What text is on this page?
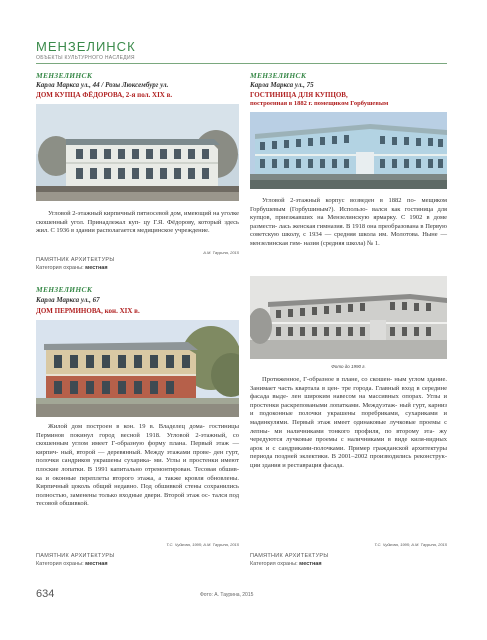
МЕНЗЕЛИНСК
ОБЪЕКТЫ КУЛЬТУРНОГО НАСЛЕДИЯ
МЕНЗЕЛИНСК
Карла Маркса ул., 44 / Розы Люксембург ул.
ДОМ КУПЦА ФЁДОРОВА, 2-я пол. XIX в.

Угловой 2-этажный кирпичный пятиосевой дом, имеющий на уголке скошенный угол. Принадлежал куп- цу Г.Я. Фёдорову, который здесь жил. С 1936 в здании располагается медицинское учреждение.

А.М. Таурина, 2015
ПАМЯТНИК АРХИТЕКТУРЫ
Категория охраны: местная
МЕНЗЕЛИНСК
Карла Маркса ул., 67
ДОМ ПЕРМИНОВА, кон. XIX в.

Жилой дом построен в кон. 19 в. Владелец дома- гостиницы Перминов покинул город весной 1918. Угловой 2-этажный, со скошенным углом имеет Г-образную форму плана. Первый этаж — кирпич- ный, второй — деревянный. Между этажами прове- ден гурт, полочки сандриков украшены сухарика- ми. Углы и простенки имеют плоские лопатки. В 1991 капитально отремонтирован. Тесовая обшив- ка и оконные переплеты второго этажа, а также кровля обновлены. Кирпичный цоколь общий недавно. Под обшивкой стены сохранились полностью, заменены только входные двери. Второй этаж ос- тался под тесовой обшивкой.

Т.С. Чуйкова, 1995; А.М. Таурина, 2015
ПАМЯТНИК АРХИТЕКТУРЫ
Категория охраны: местная
МЕНЗЕЛИНСК
Карла Маркса ул., 75
ГОСТИНИЦА ДЛЯ КУПЦОВ,
построенная в 1882 г. помещиком Горбушевым

Угловой 2-этажный корпус возведен в 1882 по- мещиком Горбушевым (Горбушиным?). Использо- вался как гостиница для купцов, приезжавших на Мензелинскую ярмарку. С 1902 в доме размести- лась женская гимназия. В 1918 она преобразована в Первую советскую школу, с 1934 — средняя школа им. Молотова. Ныне — мензелинская гим- назия (средняя школа) № 1.

Фото до 1990 г.

Протяженное, Г-образное в плане, со скошен- ным углом здание. Занимает часть квартала в цен- тре города. Главный вход в середине фасада выде- лен широким навесом на массивных опорах. Углы и простенки раскреповаными лопатками. Междуэтаж- ный гурт, карниз и подоконные полочки украшены поребриками, сухариками и мадинкулями. Первый этаж имеет одинаковые лучковые проемы с лепны- ми наличниками тонкого профиля, по второму эта- жу чередуются лучковые проемы с наличниками в виде киля-видных арок и с сандриками-полочками. Пример гражданской архитектуры периода поздней эклектики. В 2001–2002 производились реконструк- ции здания и реставрация фасада.

Т.С. Чуйкова, 1995; А.М. Таурина, 2015
ПАМЯТНИК АРХИТЕКТУРЫ
Категория охраны: местная
634	Фото: А. Таурина, 2015
